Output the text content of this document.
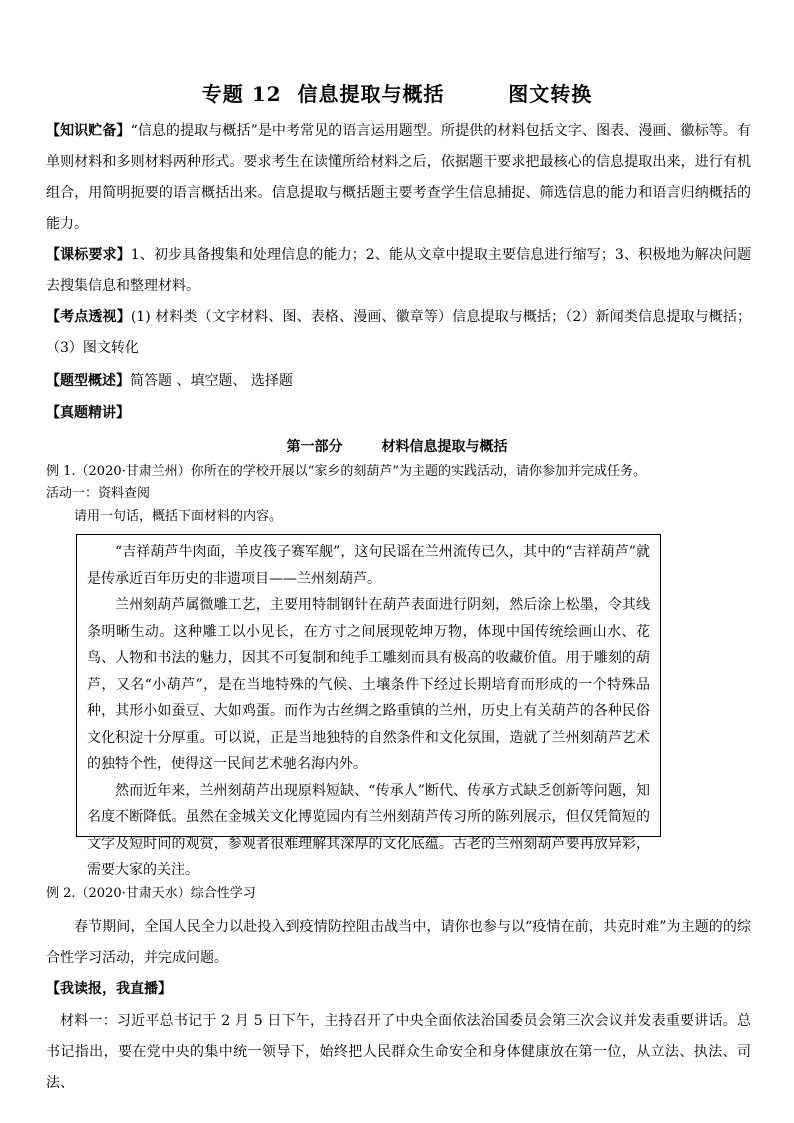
专题 12  信息提取与概括        图文转换
【知识贮备】“信息的提取与概括”是中考常见的语言运用题型。所提供的材料包括文字、图表、漫画、徽标等。有单则材料和多则材料两种形式。要求考生在读懂所给材料之后，依据题干要求把最核心的信息提取出来，进行有机组合，用简明扼要的语言概括出来。信息提取与概括题主要考查学生信息捕捉、筛选信息的能力和语言归纳概括的能力。
【课标要求】1、初步具备搜集和处理信息的能力；2、能从文章中提取主要信息进行缩写；3、积极地为解决问题去搜集信息和整理材料。
【考点透视】(1) 材料类（文字材料、图、表格、漫画、徽章等）信息提取与概括；（2）新闻类信息提取与概括；（3）图文转化
【题型概述】简答题 、填空题、 选择题
【真题精讲】
第一部分        材料信息提取与概括
例 1.（2020·甘肃兰州）你所在的学校开展以“家乡的刻葫芦”为主题的实践活动，请你参加并完成任务。
活动一：资料查阅
请用一句话，概括下面材料的内容。

“吉祥葫芦牛肉面，羊皮筏子赛军舰”，这句民谣在兰州流传已久，其中的“吉祥葫芦”就是传承近百年历史的非遗项目——兰州刻葫芦。

兰州刻葫芦属微雕工艺，主要用特制钢针在葫芦表面进行阴刻，然后涂上松墨，令其线条明晰生动。这种雕工以小见长，在方寸之间展现乾坤万物，体现中国传统绘画山水、花鸟、人物和书法的魅力，因其不可复制和纯手工雕刻而具有极高的收藏价值。用于雕刻的葫芦，又名“小葫芦”，是在当地特殊的气候、土壤条件下经过长期培育而形成的一个特殊品种，其形小如蚕豆、大如鸡蛋。而作为古丝绸之路重镇的兰州，历史上有关葫芦的各种民俗文化积淀十分厚重。可以说，正是当地独特的自然条件和文化氛围，造就了兰州刻葫芦艺术的独特个性，使得这一民间艺术驰名海内外。

然而近年来，兰州刻葫芦出现原料短缺、“传承人”断代、传承方式缺乏创新等问题，知名度不断降低。虽然在金城关文化博览园内有兰州刻葫芦传习所的陈列展示，但仅凭简短的文字及短时间的观赏，参观者很难理解其深厚的文化底蕴。古老的兰州刻葫芦要再放异彩，需要大家的关注。

例 2.（2020·甘肃天水）综合性学习
春节期间，全国人民全力以赴投入到疫情防控阻击战当中，请你也参与以“疫情在前，共克时难”为主题的的综合性学习活动，并完成问题。
【我读报，我直播】
材料一：习近平总书记于 2 月 5 日下午，主持召开了中央全面依法治国委员会第三次会议并发表重要讲话。总书记指出，要在党中央的集中统一领导下，始终把人民群众生命安全和身体健康放在第一位，从立法、执法、司法、
